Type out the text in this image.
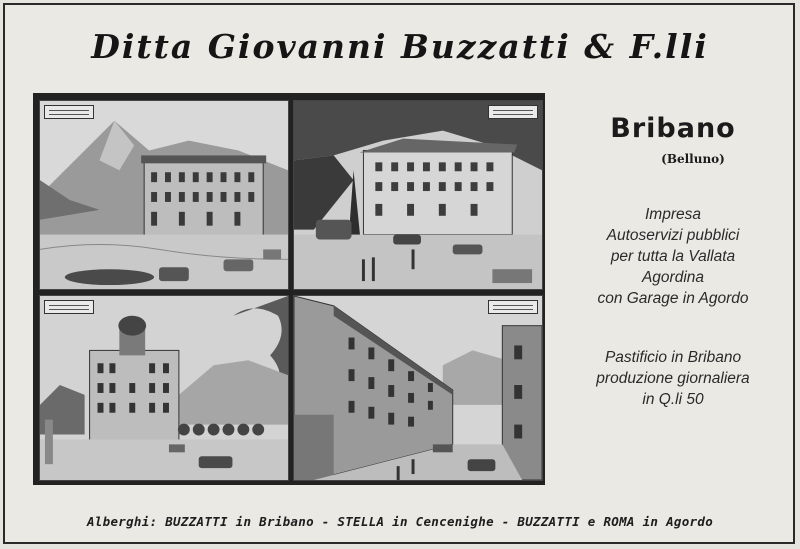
Ditta Giovanni Buzzatti & F.lli
Bribano
(Belluno)
Impresa
Autoservizi pubblici
per tutta la Vallata
Agordina
con Garage in Agordo
Pastificio in Bribano
produzione giornaliera
in Q.li 50
Alberghi: BUZZATTI in Bribano - STELLA in Cencenighe - BUZZATTI e ROMA in Agordo
